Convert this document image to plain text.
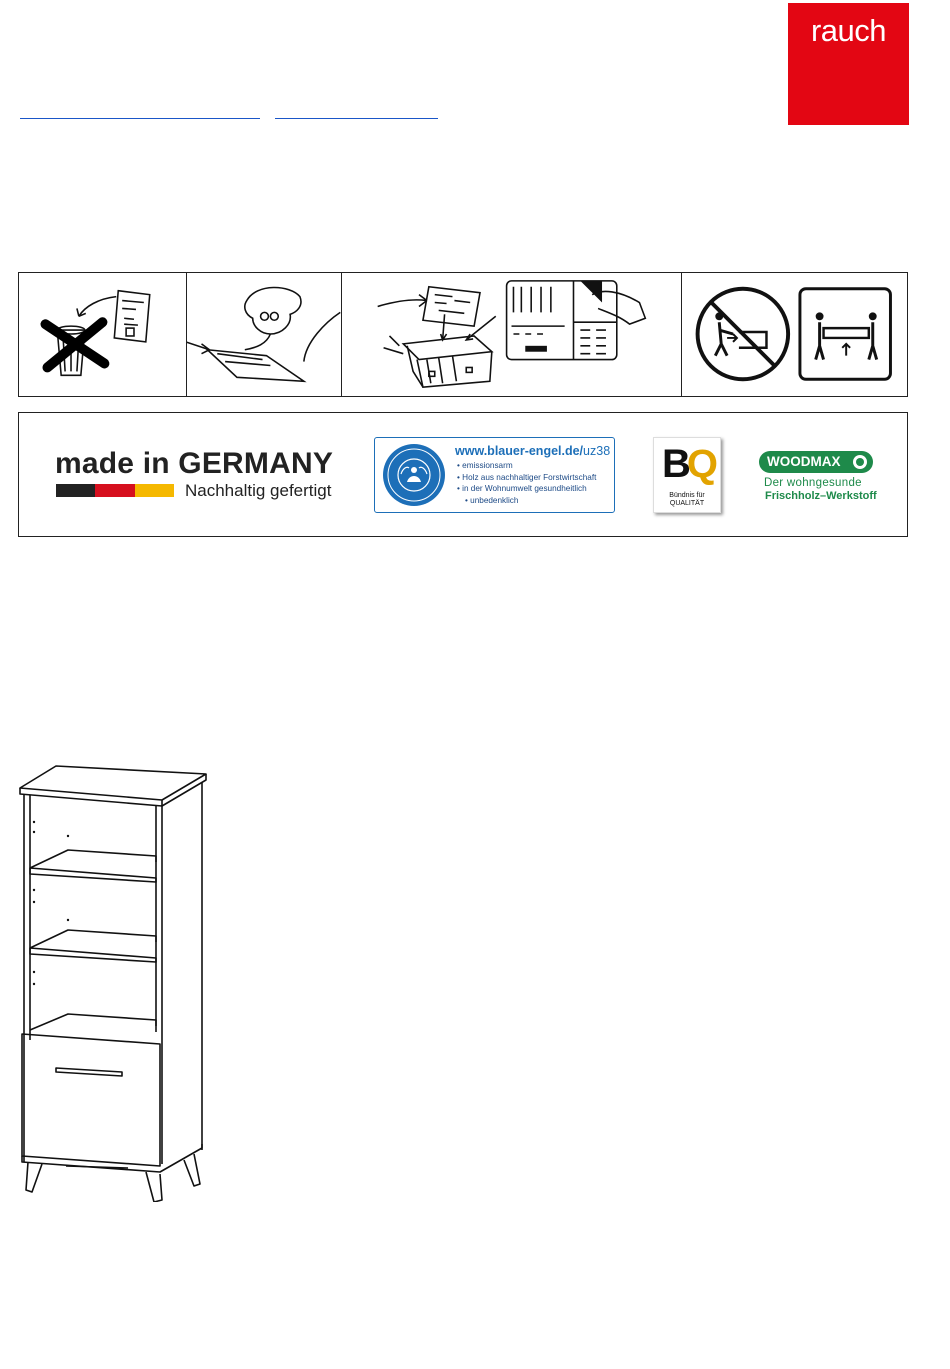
rauch
made in GERMANY
Nachhaltig gefertigt
www.blauer-engel.de/uz38
• emissionsarm
• Holz aus nachhaltiger Forstwirtschaft
• in der Wohnumwelt gesundheitlich
• unbedenklich
BQ
Bündnis für
QUALITÄT
WOODMAX
Der wohngesunde
Frischholz–Werkstoff
